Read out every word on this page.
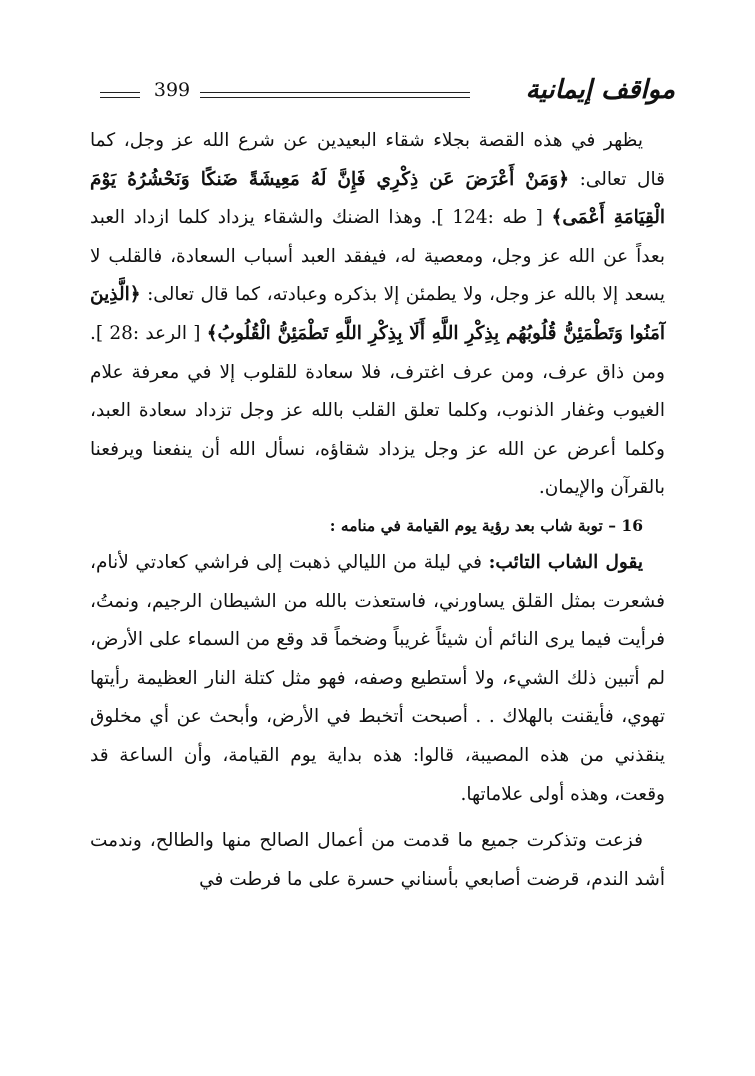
399	مواقف إيمانية

يظهر في هذه القصة بجلاء شقاء البعيدين عن شرع الله عز وجل، كما قال تعالى: ﴿وَمَنْ أَعْرَضَ عَن ذِكْرِي فَإِنَّ لَهُ مَعِيشَةً ضَنكًا وَنَحْشُرُهُ يَوْمَ الْقِيَامَةِ أَعْمَى﴾ [ طه :124 ]. وهذا الضنك والشقاء يزداد كلما ازداد العبد بعداً عن الله عز وجل، ومعصية له، فيفقد العبد أسباب السعادة، فالقلب لا يسعد إلا بالله عز وجل، ولا يطمئن إلا بذكره وعبادته، كما قال تعالى: ﴿الَّذِينَ آمَنُوا وَتَطْمَئِنُّ قُلُوبُهُم بِذِكْرِ اللَّهِ أَلَا بِذِكْرِ اللَّهِ تَطْمَئِنُّ الْقُلُوبُ﴾ [ الرعد :28 ]. ومن ذاق عرف، ومن عرف اغترف، فلا سعادة للقلوب إلا في معرفة علام الغيوب وغفار الذنوب، وكلما تعلق القلب بالله عز وجل تزداد سعادة العبد، وكلما أعرض عن الله عز وجل يزداد شقاؤه، نسأل الله أن ينفعنا ويرفعنا بالقرآن والإيمان.

16 – توبة شاب بعد رؤية يوم القيامة في منامه :

يقول الشاب التائب: في ليلة من الليالي ذهبت إلى فراشي كعادتي لأنام، فشعرت بمثل القلق يساورني، فاستعذت بالله من الشيطان الرجيم، ونمتُ، فرأيت فيما يرى النائم أن شيئاً غريباً وضخماً قد وقع من السماء على الأرض، لم أتبين ذلك الشيء، ولا أستطيع وصفه، فهو مثل كتلة النار العظيمة رأيتها تهوي، فأيقنت بالهلاك . . أصبحت أتخبط في الأرض، وأبحث عن أي مخلوق ينقذني من هذه المصيبة، قالوا: هذه بداية يوم القيامة، وأن الساعة قد وقعت، وهذه أولى علاماتها.

فزعت وتذكرت جميع ما قدمت من أعمال الصالح منها والطالح، وندمت أشد الندم، قرضت أصابعي بأسناني حسرة على ما فرطت في
